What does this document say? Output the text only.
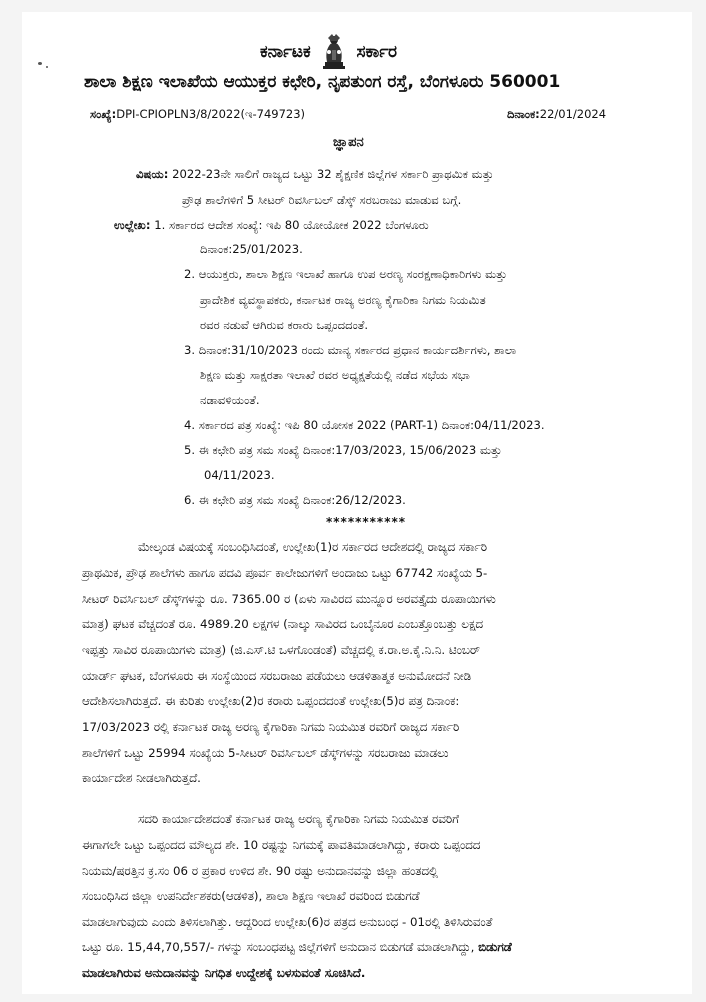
ಕರ್ನಾಟಕ	ಸರ್ಕಾರ
ಶಾಲಾ ಶಿಕ್ಷಣ ಇಲಾಖೆಯ ಆಯುಕ್ತರ ಕಛೇರಿ, ನೃಪತುಂಗ ರಸ್ತೆ, ಬೆಂಗಳೂರು 560001
ಸಂಖ್ಯೆ:DPI-CPIOPLN3/8/2022(ಇ-749723)	ದಿನಾಂಕ:22/01/2024
ಜ್ಞಾಪನ
ವಿಷಯ: 2022-23ನೇ ಸಾಲಿಗೆ ರಾಜ್ಯದ ಒಟ್ಟು 32 ಶೈಕ್ಷಣಿಕ ಜಿಲ್ಲೆಗಳ ಸರ್ಕಾರಿ ಪ್ರಾಥಮಿಕ ಮತ್ತು
ಪ್ರೌಢ ಶಾಲೆಗಳಿಗೆ 5 ಸೀಟರ್ ರಿವರ್ಸಿಬಲ್ ಡೆಸ್ಕ್ ಸರಬರಾಜು ಮಾಡುವ ಬಗ್ಗೆ.
ಉಲ್ಲೇಖ: 1. ಸರ್ಕಾರದ ಆದೇಶ ಸಂಖ್ಯೆ: ಇಪಿ 80 ಯೋಯೋಕ 2022 ಬೆಂಗಳೂರು
ದಿನಾಂಕ:25/01/2023.
2. ಆಯುಕ್ತರು, ಶಾಲಾ ಶಿಕ್ಷಣ ಇಲಾಖೆ ಹಾಗೂ ಉಪ ಅರಣ್ಯ ಸಂರಕ್ಷಣಾಧಿಕಾರಿಗಳು ಮತ್ತು
ಪ್ರಾದೇಶಿಕ ವ್ಯವಸ್ಥಾಪಕರು, ಕರ್ನಾಟಕ ರಾಜ್ಯ ಅರಣ್ಯ ಕೈಗಾರಿಕಾ ನಿಗಮ ನಿಯಮಿತ
ರವರ ನಡುವೆ ಆಗಿರುವ ಕರಾರು ಒಪ್ಪಂದದಂತೆ.
3. ದಿನಾಂಕ:31/10/2023 ರಂದು ಮಾನ್ಯ ಸರ್ಕಾರದ ಪ್ರಧಾನ ಕಾರ್ಯದರ್ಶಿಗಳು, ಶಾಲಾ
ಶಿಕ್ಷಣ ಮತ್ತು ಸಾಕ್ಷರತಾ ಇಲಾಖೆ ರವರ ಅಧ್ಯಕ್ಷತೆಯಲ್ಲಿ ನಡೆದ ಸಭೆಯ ಸಭಾ
ನಡಾವಳಿಯಂತೆ.
4. ಸರ್ಕಾರದ ಪತ್ರ ಸಂಖ್ಯೆ: ಇಪಿ 80 ಯೋಸಕ 2022 (PART-1) ದಿನಾಂಕ:04/11/2023.
5. ಈ ಕಛೇರಿ ಪತ್ರ ಸಮ ಸಂಖ್ಯೆ ದಿನಾಂಕ:17/03/2023, 15/06/2023 ಮತ್ತು
04/11/2023.
6. ಈ ಕಛೇರಿ ಪತ್ರ ಸಮ ಸಂಖ್ಯೆ ದಿನಾಂಕ:26/12/2023.
***********
ಮೇಲ್ಕಂಡ ವಿಷಯಕ್ಕೆ ಸಂಬಂಧಿಸಿದಂತೆ, ಉಲ್ಲೇಖ(1)ರ ಸರ್ಕಾರದ ಆದೇಶದಲ್ಲಿ ರಾಜ್ಯದ ಸರ್ಕಾರಿ
ಪ್ರಾಥಮಿಕ, ಪ್ರೌಢ ಶಾಲೆಗಳು ಹಾಗೂ ಪದವಿ ಪೂರ್ವ ಕಾಲೇಜುಗಳಿಗೆ ಅಂದಾಜು ಒಟ್ಟು 67742 ಸಂಖ್ಯೆಯ 5-
ಸೀಟರ್ ರಿವರ್ಸಿಬಲ್ ಡೆಸ್ಕ್‌ಗಳನ್ನು ರೂ. 7365.00 ರ (ಏಳು ಸಾವಿರದ ಮುನ್ನೂರ ಅರವತ್ತೈದು ರೂಪಾಯಿಗಳು
ಮಾತ್ರ) ಘಟಕ ವೆಚ್ಚದಂತೆ ರೂ. 4989.20 ಲಕ್ಷಗಳ (ನಾಲ್ಕು ಸಾವಿರದ ಒಂಬೈನೂರ ಎಂಬತ್ತೊಂಬತ್ತು ಲಕ್ಷದ
ಇಪ್ಪತ್ತು ಸಾವಿರ ರೂಪಾಯಿಗಳು ಮಾತ್ರ) (ಜಿ.ಎಸ್.ಟಿ ಒಳಗೊಂಡಂತೆ) ವೆಚ್ಚದಲ್ಲಿ ಕ.ರಾ.ಅ.ಕೈ.ನಿ.ನಿ. ಟಿಂಬರ್
ಯಾರ್ಡ್ ಘಟಕ, ಬೆಂಗಳೂರು ಈ ಸಂಸ್ಥೆಯಿಂದ ಸರಬರಾಜು ಪಡೆಯಲು ಆಡಳಿತಾತ್ಮಕ ಅನುಮೋದನೆ ನೀಡಿ
ಆದೇಶಿಸಲಾಗಿರುತ್ತದೆ. ಈ ಕುರಿತು ಉಲ್ಲೇಖ(2)ರ ಕರಾರು ಒಪ್ಪಂದದಂತೆ ಉಲ್ಲೇಖ(5)ರ ಪತ್ರ ದಿನಾಂಕ:
17/03/2023 ರಲ್ಲಿ ಕರ್ನಾಟಕ ರಾಜ್ಯ ಅರಣ್ಯ ಕೈಗಾರಿಕಾ ನಿಗಮ ನಿಯಮಿತ ರವರಿಗೆ ರಾಜ್ಯದ ಸರ್ಕಾರಿ
ಶಾಲೆಗಳಿಗೆ ಒಟ್ಟು 25994 ಸಂಖ್ಯೆಯ 5-ಸೀಟರ್ ರಿವರ್ಸಿಬಲ್ ಡೆಸ್ಕ್‌ಗಳನ್ನು ಸರಬರಾಜು ಮಾಡಲು
ಕಾರ್ಯಾದೇಶ ನೀಡಲಾಗಿರುತ್ತದೆ.
ಸದರಿ ಕಾರ್ಯಾದೇಶದಂತೆ ಕರ್ನಾಟಕ ರಾಜ್ಯ ಅರಣ್ಯ ಕೈಗಾರಿಕಾ ನಿಗಮ ನಿಯಮಿತ ರವರಿಗೆ
ಈಗಾಗಲೇ ಒಟ್ಟು ಒಪ್ಪಂದದ ಮೌಲ್ಯದ ಶೇ. 10 ರಷ್ಟನ್ನು ನಿಗಮಕ್ಕೆ ಪಾವತಿಮಾಡಲಾಗಿದ್ದು, ಕರಾರು ಒಪ್ಪಂದದ
ನಿಯಮ/ಷರತ್ತಿನ ಕ್ರ.ಸಂ 06 ರ ಪ್ರಕಾರ ಉಳಿದ ಶೇ. 90 ರಷ್ಟು ಅನುದಾನವನ್ನು ಜಿಲ್ಲಾ ಹಂತದಲ್ಲಿ
ಸಂಬಂಧಿಸಿದ ಜಿಲ್ಲಾ ಉಪನಿರ್ದೇಶಕರು(ಆಡಳಿತ), ಶಾಲಾ ಶಿಕ್ಷಣ ಇಲಾಖೆ ರವರಿಂದ ಬಿಡುಗಡೆ
ಮಾಡಲಾಗುವುದು ಎಂದು ತಿಳಿಸಲಾಗಿತ್ತು. ಆದ್ದರಿಂದ ಉಲ್ಲೇಖ(6)ರ ಪತ್ರದ ಅನುಬಂಧ - 01ರಲ್ಲಿ ತಿಳಿಸಿರುವಂತೆ
ಒಟ್ಟು ರೂ. 15,44,70,557/- ಗಳನ್ನು ಸಂಬಂಧಪಟ್ಟ ಜಿಲ್ಲೆಗಳಿಗೆ ಅನುದಾನ ಬಿಡುಗಡೆ ಮಾಡಲಾಗಿದ್ದು, ಬಿಡುಗಡೆ
ಮಾಡಲಾಗಿರುವ ಅನುದಾನವನ್ನು ನಿಗಧಿತ ಉದ್ದೇಶಕ್ಕೆ ಬಳಸುವಂತೆ ಸೂಚಿಸಿದೆ.
